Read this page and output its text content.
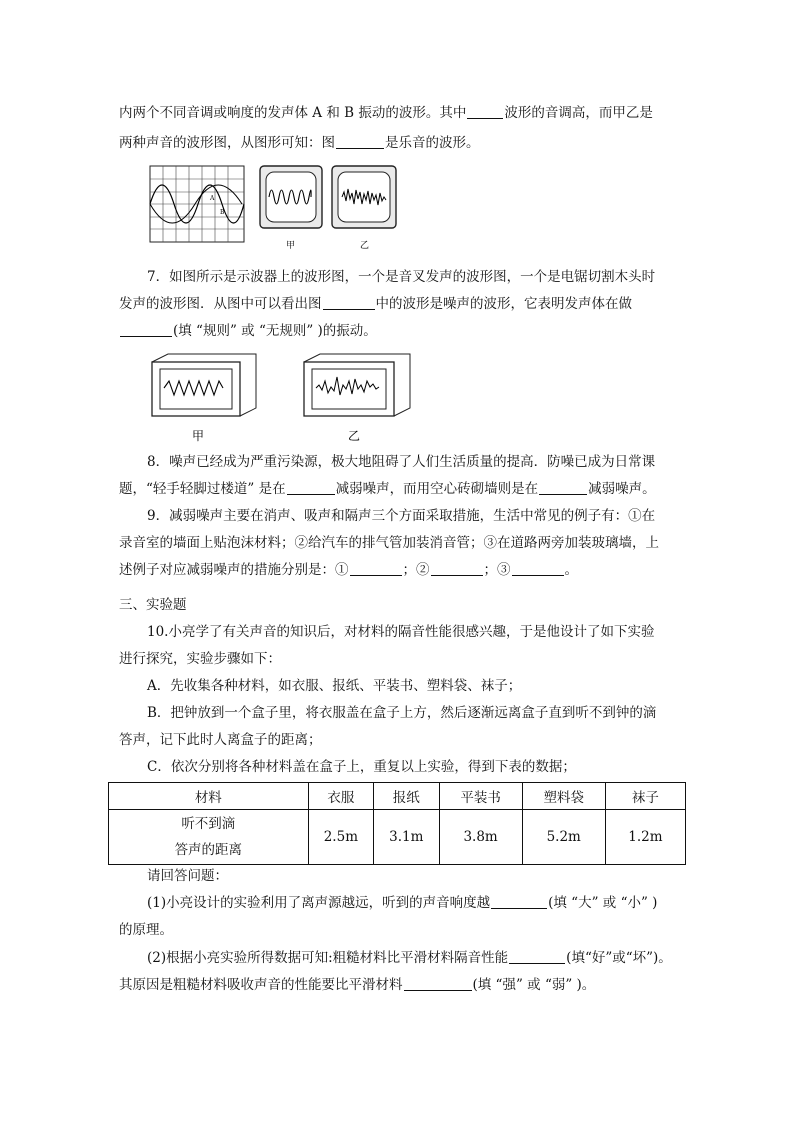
内两个不同音调或响度的发声体 A 和 B 振动的波形。其中	波形的音调高，而甲乙是
两种声音的波形图，从图形可知：图	是乐音的波形。
A
B
甲	乙
7．如图所示是示波器上的波形图，一个是音叉发声的波形图，一个是电锯切割木头时
发声的波形图．从图中可以看出图	中的波形是噪声的波形，它表明发声体在做
(填 “规则” 或 “无规则” )的振动。
甲	乙
8．噪声已经成为严重污染源，极大地阻碍了人们生活质量的提高．防噪已成为日常课
题，“轻手轻脚过楼道” 是在	减弱噪声，而用空心砖砌墙则是在	减弱噪声。
9．减弱噪声主要在消声、吸声和隔声三个方面采取措施，生活中常见的例子有：①在
录音室的墙面上贴泡沫材料；②给汽车的排气管加装消音管；③在道路两旁加装玻璃墙，上
述例子对应减弱噪声的措施分别是：①	；②	；③	。
三、实验题
10.小亮学了有关声音的知识后，对材料的隔音性能很感兴趣，于是他设计了如下实验
进行探究，实验步骤如下：
A．先收集各种材料，如衣服、报纸、平装书、塑料袋、袜子；
B．把钟放到一个盒子里，将衣服盖在盒子上方，然后逐渐远离盒子直到听不到钟的滴
答声，记下此时人离盒子的距离；
C．依次分别将各种材料盖在盒子上，重复以上实验，得到下表的数据；
材料	衣服	报纸	平装书	塑料袋	袜子

听不到滴
答声的距离	2.5m	3.1m	3.8m	5.2m	1.2m
请回答问题：
(1)小亮设计的实验利用了离声源越远，听到的声音响度越	(填 “大” 或 “小” )
的原理。
(2)根据小亮实验所得数据可知:粗糙材料比平滑材料隔音性能	(填“好”或“坏”)。
其原因是粗糙材料吸收声音的性能要比平滑材料	(填 “强” 或 “弱” )。
